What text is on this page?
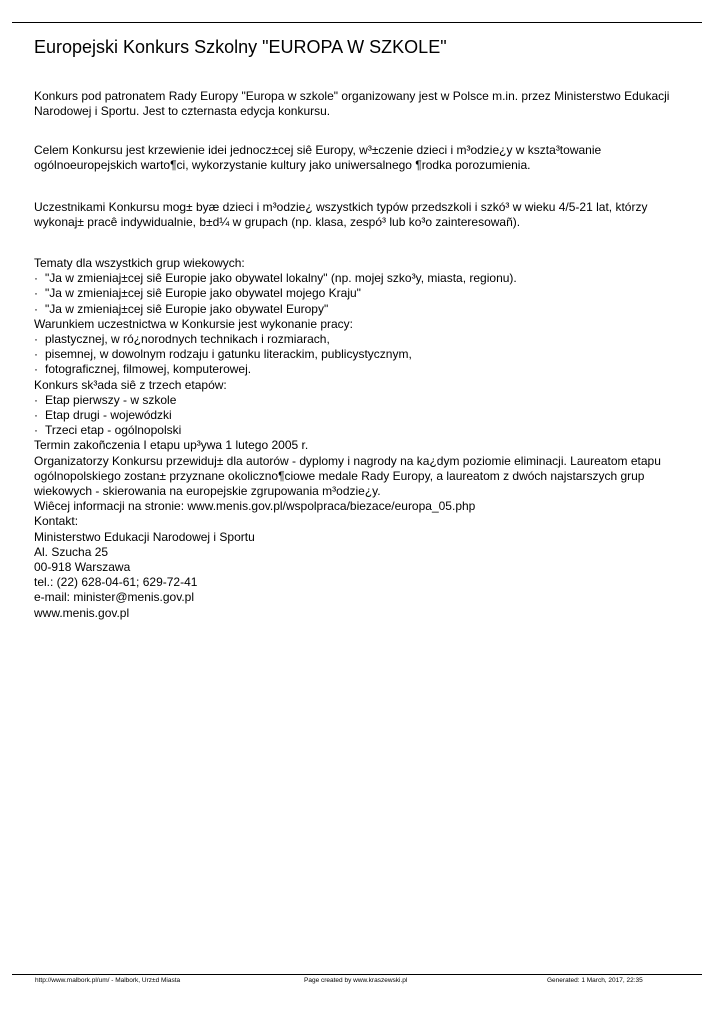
Europejski Konkurs Szkolny "EUROPA W SZKOLE"
Konkurs pod patronatem Rady Europy "Europa w szkole" organizowany jest w Polsce m.in. przez Ministerstwo Edukacji Narodowej i Sportu. Jest to czternasta edycja konkursu.
Celem Konkursu jest krzewienie idei jednocz±cej siê Europy, w³±czenie dzieci i m³odzie¿y w kszta³towanie ogólnoeuropejskich warto¶ci, wykorzystanie kultury jako uniwersalnego ¶rodka porozumienia.
Uczestnikami Konkursu mog± byæ dzieci i m³odzie¿ wszystkich typów przedszkoli i szkó³ w wieku 4/5-21 lat, którzy wykonaj± pracê indywidualnie, b±d¼ w grupach (np. klasa, zespó³ lub ko³o zainteresowañ).
Tematy dla wszystkich grup wiekowych:
· "Ja w zmieniaj±cej siê Europie jako obywatel lokalny" (np. mojej szko³y, miasta, regionu).
· "Ja w zmieniaj±cej siê Europie jako obywatel mojego Kraju"
· "Ja w zmieniaj±cej siê Europie jako obywatel Europy"
Warunkiem uczestnictwa w Konkursie jest wykonanie pracy:
· plastycznej, w ró¿norodnych technikach i rozmiarach,
· pisemnej, w dowolnym rodzaju i gatunku literackim, publicystycznym,
· fotograficznej, filmowej, komputerowej.
Konkurs sk³ada siê z trzech etapów:
· Etap pierwszy - w szkole
· Etap drugi - wojewódzki
· Trzeci etap - ogólnopolski
Termin zakoñczenia I etapu up³ywa 1 lutego 2005 r.
Organizatorzy Konkursu przewiduj± dla autorów - dyplomy i nagrody na ka¿dym poziomie eliminacji. Laureatom etapu ogólnopolskiego zostan± przyznane okoliczno¶ciowe medale Rady Europy, a laureatom z dwóch najstarszych grup wiekowych - skierowania na europejskie zgrupowania m³odzie¿y.
Wiêcej informacji na stronie: www.menis.gov.pl/wspolpraca/biezace/europa_05.php
Kontakt:
Ministerstwo Edukacji Narodowej i Sportu
Al. Szucha 25
00-918 Warszawa
tel.: (22) 628-04-61; 629-72-41
e-mail: minister@menis.gov.pl
www.menis.gov.pl
http://www.malbork.pl/um/ - Malbork, Urz±d Miasta	Page created by www.kraszewski.pl	Generated: 1 March, 2017, 22:35
